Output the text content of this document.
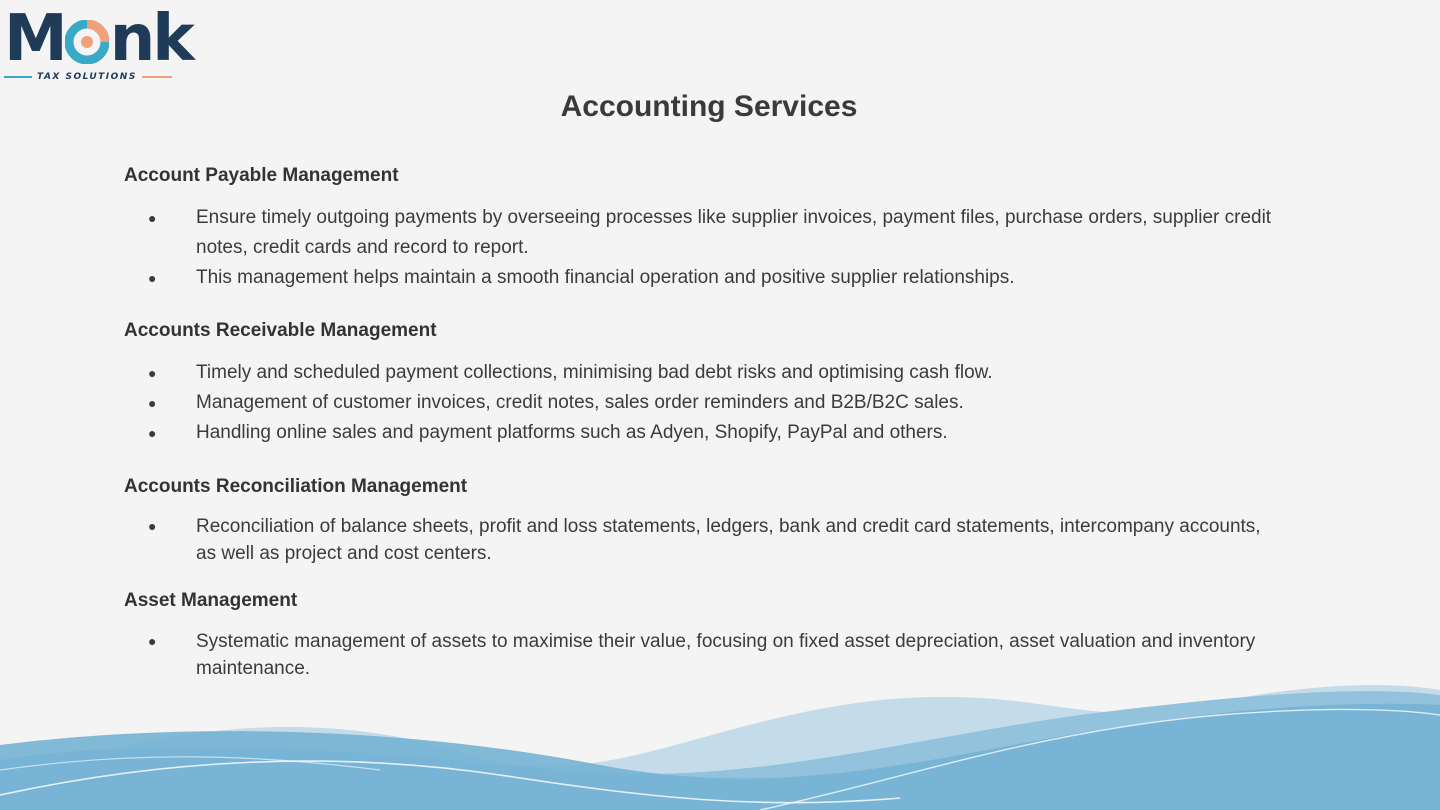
M nk
TAX SOLUTIONS
Accounting Services
Account Payable Management
● Ensure timely outgoing payments by overseeing processes like supplier invoices, payment files, purchase orders, supplier credit notes, credit cards and record to report.
● This management helps maintain a smooth financial operation and positive supplier relationships.
Accounts Receivable Management
● Timely and scheduled payment collections, minimising bad debt risks and optimising cash flow.
● Management of customer invoices, credit notes, sales order reminders and B2B/B2C sales.
● Handling online sales and payment platforms such as Adyen, Shopify, PayPal and others.
Accounts Reconciliation Management
● Reconciliation of balance sheets, profit and loss statements, ledgers, bank and credit card statements, intercompany accounts, as well as project and cost centers.
Asset Management
● Systematic management of assets to maximise their value, focusing on fixed asset depreciation, asset valuation and inventory maintenance.
